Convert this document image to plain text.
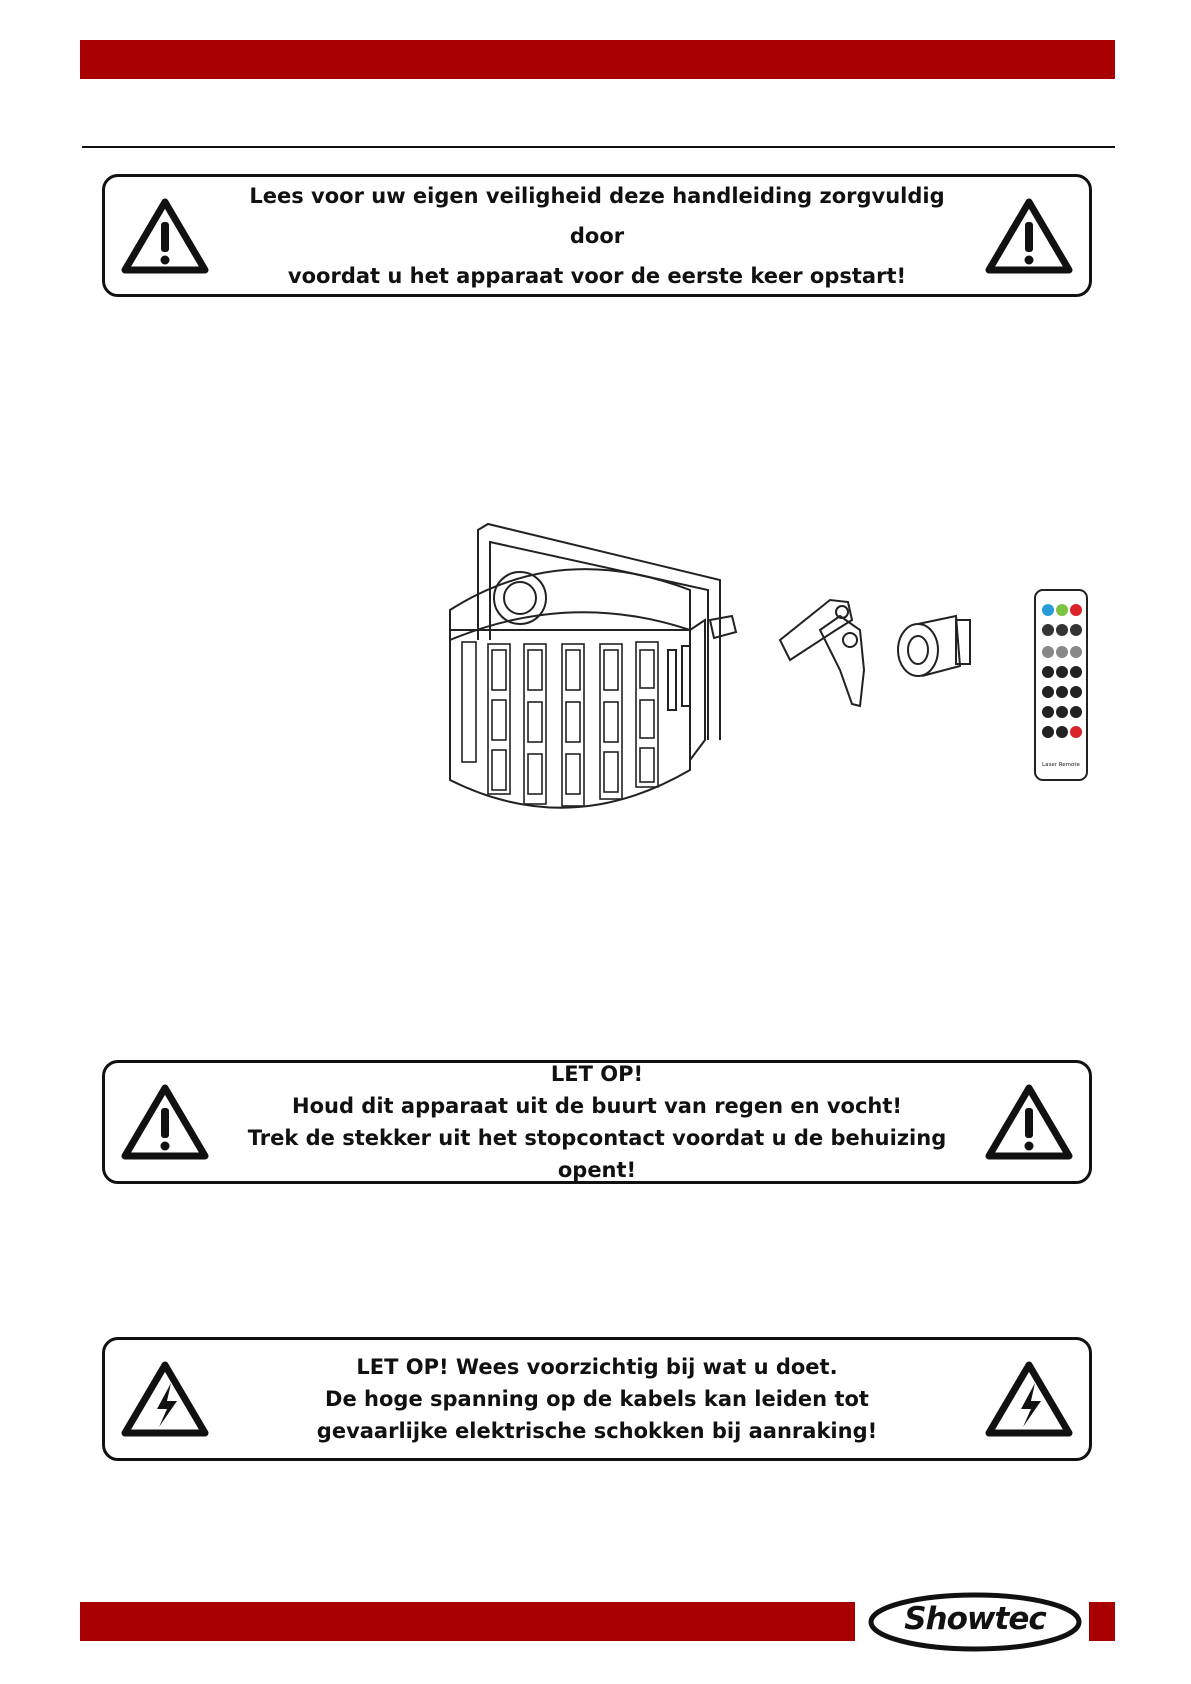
Lees voor uw eigen veiligheid deze handleiding zorgvuldig door
voordat u het apparaat voor de eerste keer opstart!
Laser Remote
LET OP!
Houd dit apparaat uit de buurt van regen en vocht!
Trek de stekker uit het stopcontact voordat u de behuizing opent!
LET OP! Wees voorzichtig bij wat u doet.
De hoge spanning op de kabels kan leiden tot
gevaarlijke elektrische schokken bij aanraking!
Showtec
